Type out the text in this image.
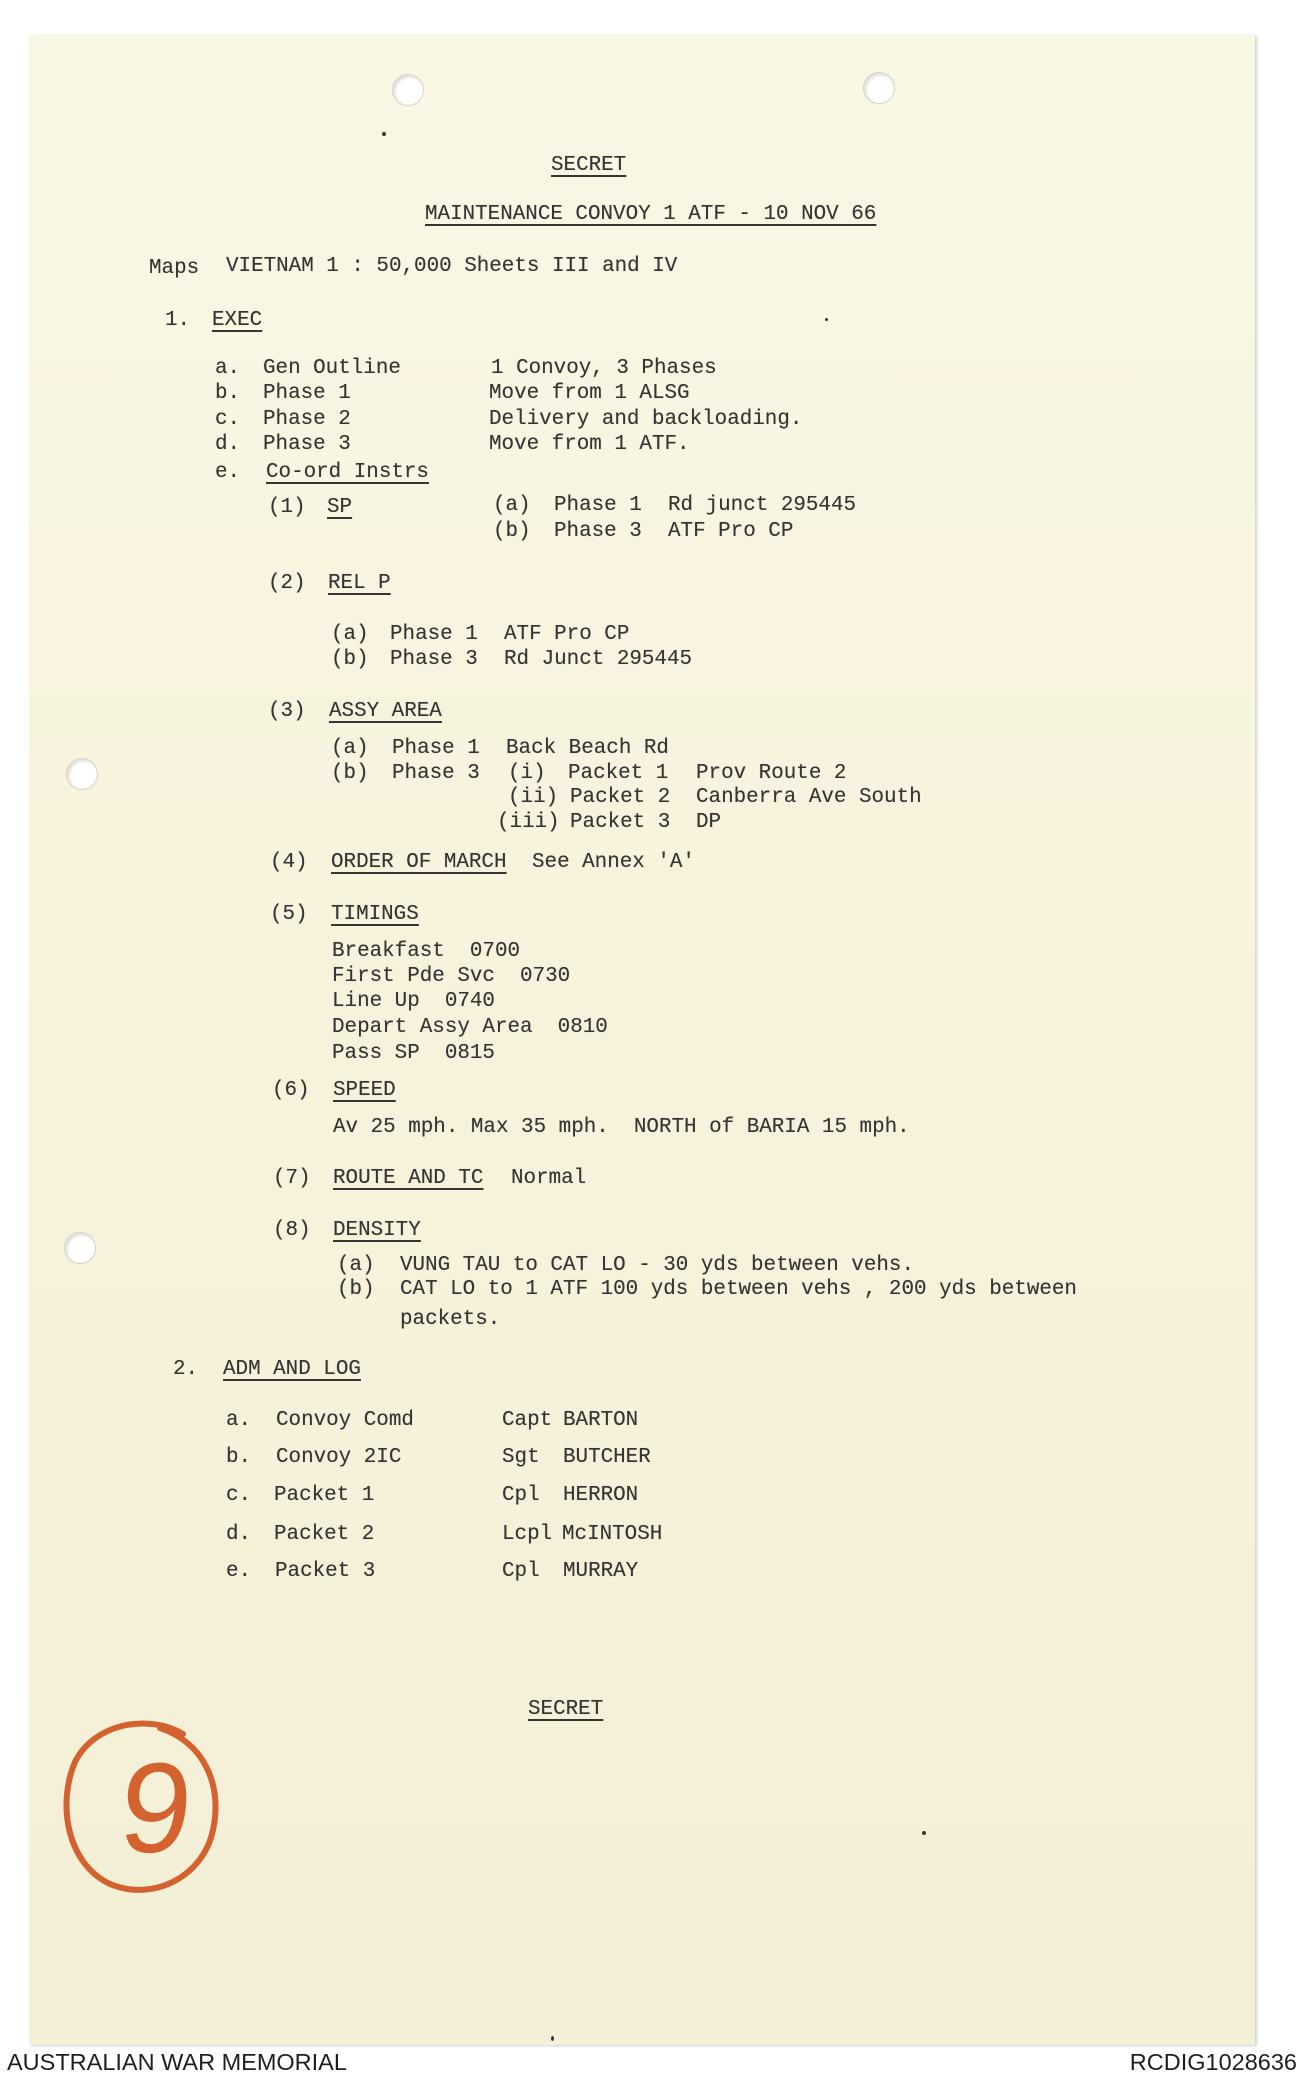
SECRET
MAINTENANCE CONVOY 1 ATF - 10 NOV 66
Maps VIETNAM 1 : 50,000 Sheets III and IV
1. EXEC
a. Gen Outline	1 Convoy, 3 Phases
b. Phase 1	Move from 1 ALSG
c. Phase 2	Delivery and backloading.
d. Phase 3	Move from 1 ATF.
e. Co-ord Instrs
(1) SP	(a) Phase 1 Rd junct 295445
(b) Phase 3 ATF Pro CP
(2) REL P
(a) Phase 1 ATF Pro CP
(b) Phase 3 Rd Junct 295445
(3) ASSY AREA
(a) Phase 1 Back Beach Rd
(b) Phase 3 (i) Packet 1 Prov Route 2
(ii) Packet 2 Canberra Ave South
(iii) Packet 3 DP
(4) ORDER OF MARCH See Annex 'A'
(5) TIMINGS
Breakfast 0700
First Pde Svc 0730
Line Up 0740
Depart Assy Area 0810
Pass SP 0815
(6) SPEED
Av 25 mph. Max 35 mph.  NORTH of BARIA 15 mph.
(7) ROUTE AND TC Normal
(8) DENSITY
(a) VUNG TAU to CAT LO - 30 yds between vehs.
(b) CAT LO to 1 ATF 100 yds between vehs , 200 yds between
packets.
2. ADM AND LOG
a. Convoy Comd	Capt BARTON
b. Convoy 2IC	Sgt BUTCHER
c. Packet 1	Cpl HERRON
d. Packet 2	Lcpl McINTOSH
e. Packet 3	Cpl MURRAY
SECRET
9
AUSTRALIAN WAR MEMORIAL	RCDIG1028636
